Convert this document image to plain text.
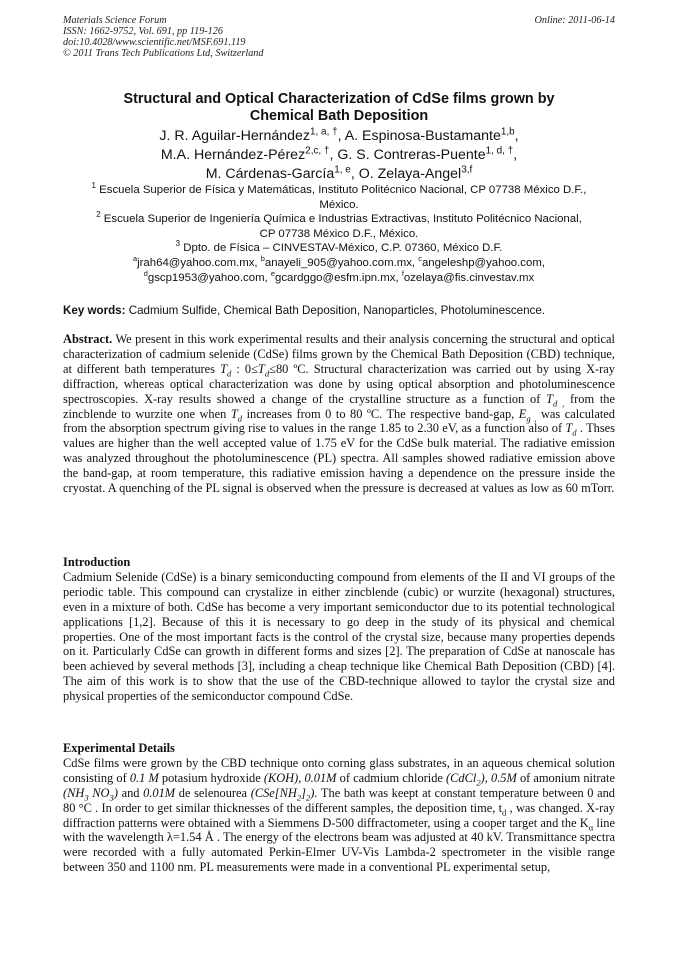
Materials Science Forum
ISSN: 1662-9752, Vol. 691, pp 119-126
doi:10.4028/www.scientific.net/MSF.691.119
© 2011 Trans Tech Publications Ltd, Switzerland
Online: 2011-06-14
Structural and Optical Characterization of CdSe films grown by
Chemical Bath Deposition
J. R. Aguilar-Hernández$^{1, a, \dagger}$, A. Espinosa-Bustamante$^{1,b}$,
M.A. Hernández-Pérez$^{2,c, \dagger}$, G. S. Contreras-Puente$^{1, d, \dagger}$,
M. Cárdenas-García$^{1, e}$, O. Zelaya-Angel$^{3,f}$
$^1$ Escuela Superior de Física y Matemáticas, Instituto Politécnico Nacional, CP 07738 México D.F.,
México.
$^2$ Escuela Superior de Ingeniería Química e Industrias Extractivas, Instituto Politécnico Nacional,
CP 07738 México D.F., México.
$^3$ Dpto. de Física – CINVESTAV-México, C.P. 07360, México D.F.
$^a$jrah64@yahoo.com.mx, $^b$anayeli_905@yahoo.com.mx, $^c$angeleshp@yahoo.com,
$^d$gscp1953@yahoo.com, $^e$gcardggo@esfm.ipn.mx, $^f$ozelaya@fis.cinvestav.mx
Key words: Cadmium Sulfide, Chemical Bath Deposition, Nanoparticles, Photoluminescence.
Abstract. We present in this work experimental results and their analysis concerning the structural and optical characterization of cadmium selenide (CdSe) films grown by the Chemical Bath Deposition (CBD) technique, at different bath temperatures $T_d$ : $0\le T_d\le 80$ ºC. Structural characterization was carried out by using X-ray diffraction, whereas optical characterization was done by using optical absorption and photoluminescence spectroscopies. X-ray results showed a change of the crystalline structure as a function of $T_{d ,}$ from the zincblende to wurzite one when $T_d$ increases from 0 to 80 ºC. The respective band-gap, $E_{g ,}$ was calculated from the absorption spectrum giving rise to values in the range 1.85 to 2.30 eV, as a function also of $T_d$ . Thses values are higher than the well accepted value of 1.75 eV for the CdSe bulk material. The radiative emission was analyzed throughout the photoluminescence (PL) spectra. All samples showed radiative emission above the band-gap, at room temperature, this radiative emission having a dependence on the pressure inside the cryostat. A quenching of the PL signal is observed when the pressure is decreased at values as low as 60 mTorr.
Introduction
Cadmium Selenide (CdSe) is a binary semiconducting compound from elements of the II and VI groups of the periodic table. This compound can crystalize in either zincblende (cubic) or wurzite (hexagonal) structures, even in a mixture of both. CdSe has become a very important semiconductor due to its potential technological applications [1,2]. Because of this it is necessary to go deep in the study of its physical and chemical properties. One of the most important facts is the control of the crystal size, because many properties depends on it. Particularly CdSe can growth in different forms and sizes [2]. The preparation of CdSe at nanoscale has been achieved by several methods [3], including a cheap technique like Chemical Bath Deposition (CBD) [4]. The aim of this work is to show that the use of the CBD-technique allowed to taylor the crystal size and physical properties of the semiconductor compound CdSe.
Experimental Details
CdSe films were grown by the CBD technique onto corning glass substrates, in an aqueous chemical solution consisting of 0.1 M potasium hydroxide (KOH), 0.01M of cadmium chloride (CdCl$_2$), 0.5M of amonium nitrate ($NH_3$ $NO_3$) and 0.01M de selenourea $(CSe[NH_2]_2)$. The bath was keept at constant temperature between 0 and 80 °C . In order to get similar thicknesses of the different samples, the deposition time, $t_d$ , was changed. X-ray diffraction patterns were obtained with a Siemmens D-500 diffractometer, using a cooper target and the $K_\alpha$ line with the wavelength λ=1.54 Å . The energy of the electrons beam was adjusted at 40 kV. Transmittance spectra were recorded with a fully automated Perkin-Elmer UV-Vis Lambda-2 spectrometer in the visible range between 350 and 1100 nm. PL measurements were made in a conventional PL experimental setup,
